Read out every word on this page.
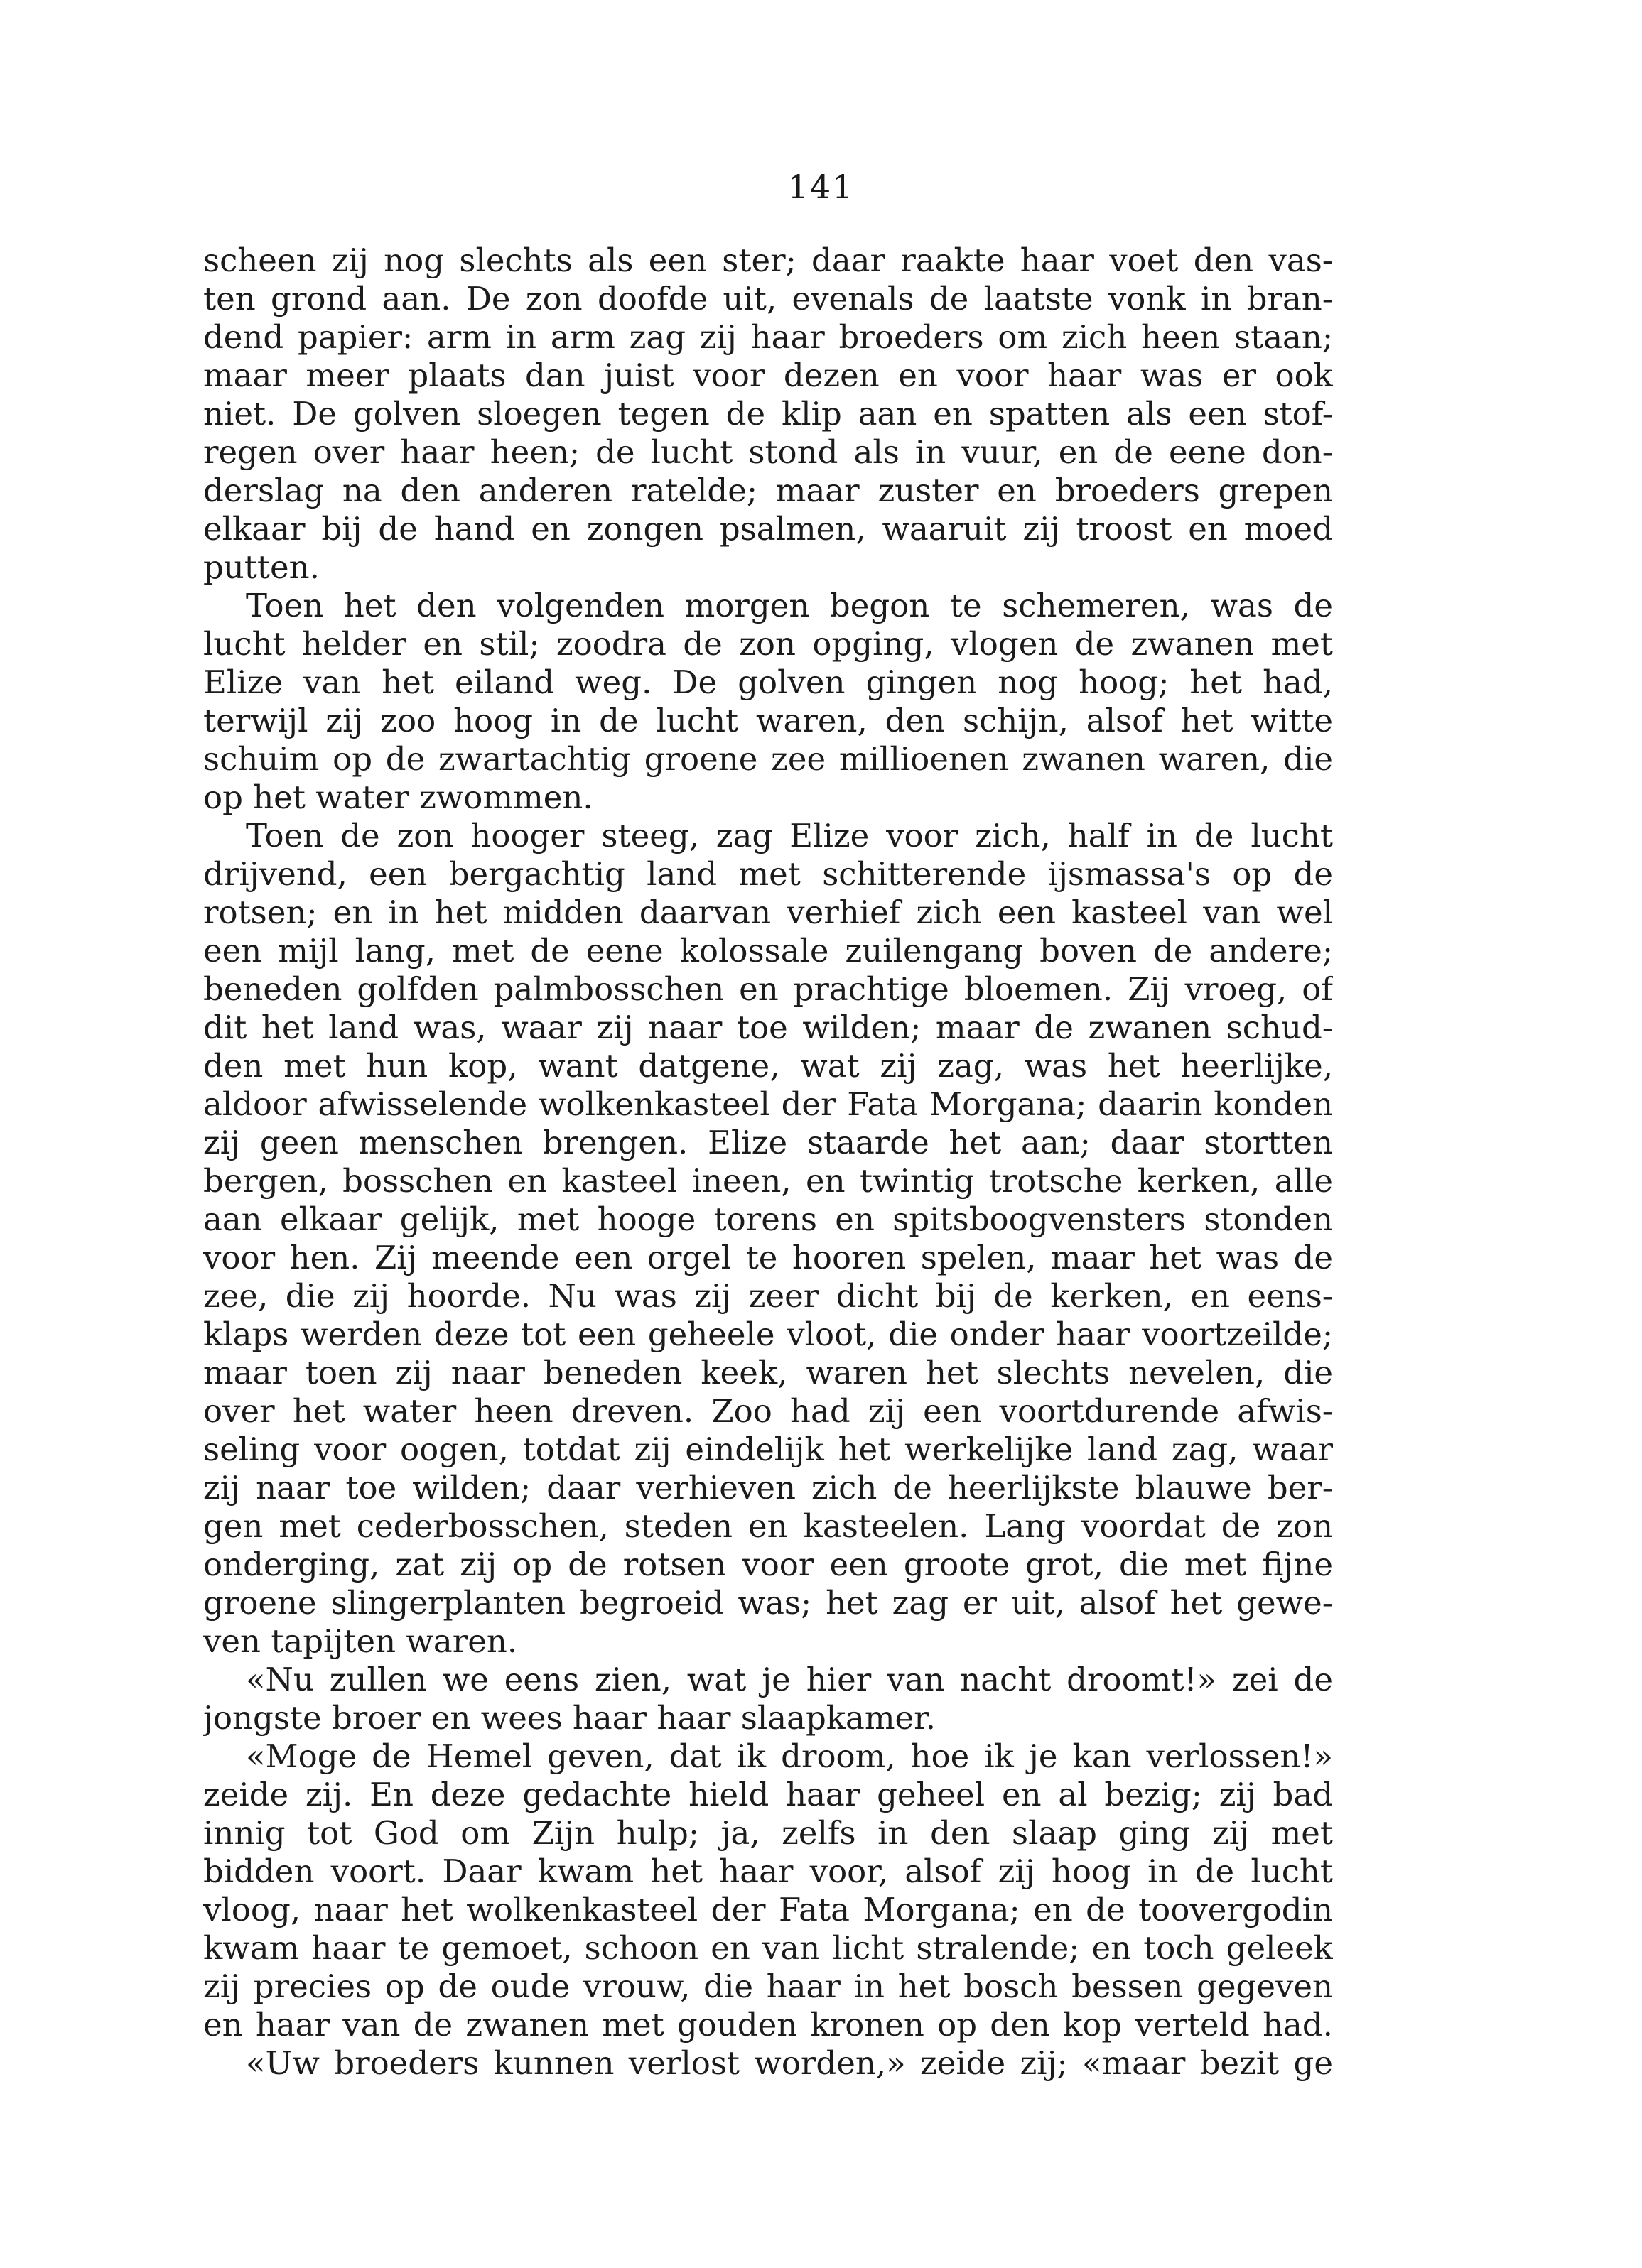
141
scheen zij nog slechts als een ster; daar raakte haar voet den vas-
ten grond aan. De zon doofde uit, evenals de laatste vonk in bran-
dend papier: arm in arm zag zij haar broeders om zich heen staan;
maar meer plaats dan juist voor dezen en voor haar was er ook
niet. De golven sloegen tegen de klip aan en spatten als een stof-
regen over haar heen; de lucht stond als in vuur, en de eene don-
derslag na den anderen ratelde; maar zuster en broeders grepen
elkaar bij de hand en zongen psalmen, waaruit zij troost en moed
putten.
Toen het den volgenden morgen begon te schemeren, was de
lucht helder en stil; zoodra de zon opging, vlogen de zwanen met
Elize van het eiland weg. De golven gingen nog hoog; het had,
terwijl zij zoo hoog in de lucht waren, den schijn, alsof het witte
schuim op de zwartachtig groene zee millioenen zwanen waren, die
op het water zwommen.
Toen de zon hooger steeg, zag Elize voor zich, half in de lucht
drijvend, een bergachtig land met schitterende ijsmassa's op de
rotsen; en in het midden daarvan verhief zich een kasteel van wel
een mijl lang, met de eene kolossale zuilengang boven de andere;
beneden golfden palmbosschen en prachtige bloemen. Zij vroeg, of
dit het land was, waar zij naar toe wilden; maar de zwanen schud-
den met hun kop, want datgene, wat zij zag, was het heerlijke,
aldoor afwisselende wolkenkasteel der Fata Morgana; daarin konden
zij geen menschen brengen. Elize staarde het aan; daar stortten
bergen, bosschen en kasteel ineen, en twintig trotsche kerken, alle
aan elkaar gelijk, met hooge torens en spitsboogvensters stonden
voor hen. Zij meende een orgel te hooren spelen, maar het was de
zee, die zij hoorde. Nu was zij zeer dicht bij de kerken, en eens-
klaps werden deze tot een geheele vloot, die onder haar voortzeilde;
maar toen zij naar beneden keek, waren het slechts nevelen, die
over het water heen dreven. Zoo had zij een voortdurende afwis-
seling voor oogen, totdat zij eindelijk het werkelijke land zag, waar
zij naar toe wilden; daar verhieven zich de heerlijkste blauwe ber-
gen met cederbosschen, steden en kasteelen. Lang voordat de zon
onderging, zat zij op de rotsen voor een groote grot, die met fijne
groene slingerplanten begroeid was; het zag er uit, alsof het gewe-
ven tapijten waren.
«Nu zullen we eens zien, wat je hier van nacht droomt!» zei de
jongste broer en wees haar haar slaapkamer.
«Moge de Hemel geven, dat ik droom, hoe ik je kan verlossen!»
zeide zij. En deze gedachte hield haar geheel en al bezig; zij bad
innig tot God om Zijn hulp; ja, zelfs in den slaap ging zij met
bidden voort. Daar kwam het haar voor, alsof zij hoog in de lucht
vloog, naar het wolkenkasteel der Fata Morgana; en de toovergodin
kwam haar te gemoet, schoon en van licht stralende; en toch geleek
zij precies op de oude vrouw, die haar in het bosch bessen gegeven
en haar van de zwanen met gouden kronen op den kop verteld had.
«Uw broeders kunnen verlost worden,» zeide zij; «maar bezit ge
